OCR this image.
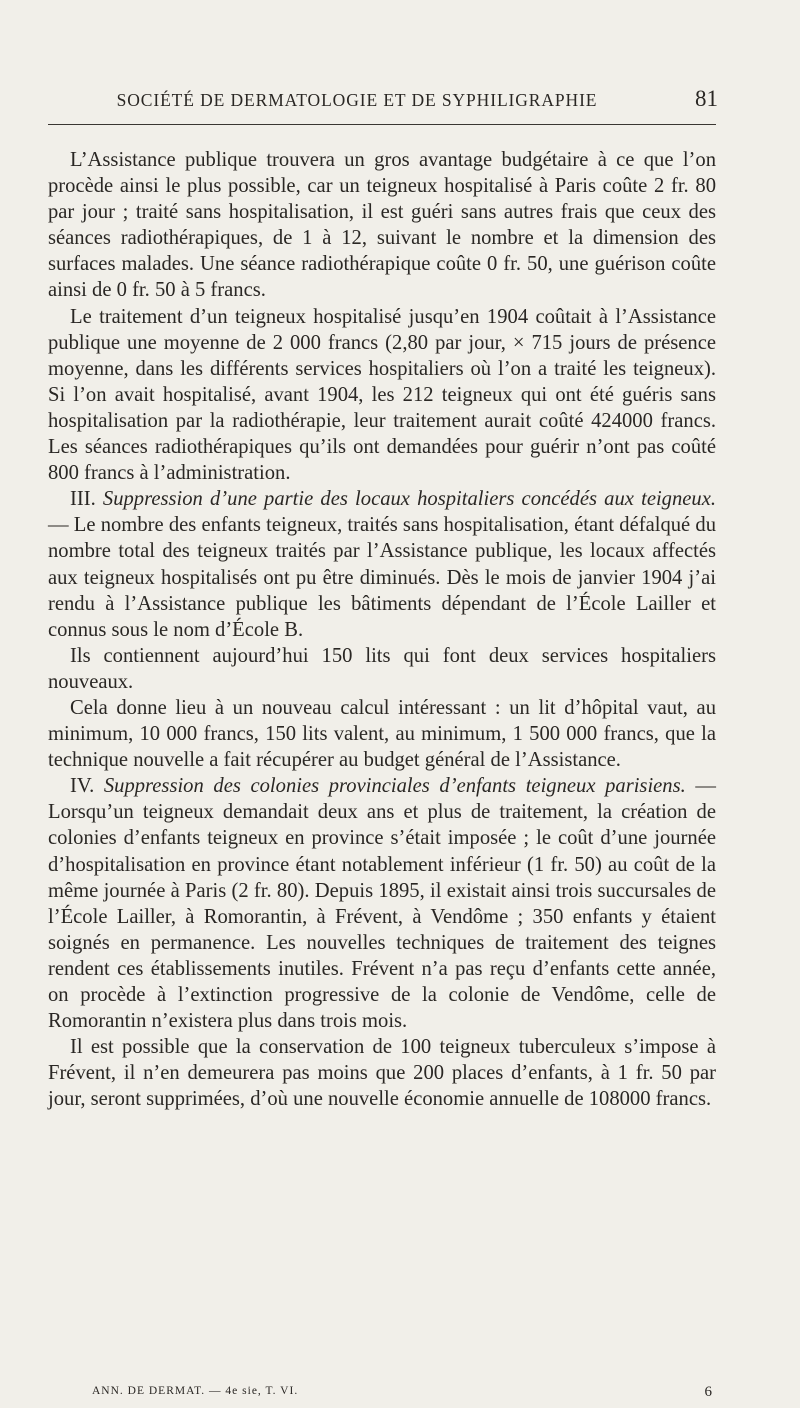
SOCIÉTÉ DE DERMATOLOGIE ET DE SYPHILIGRAPHIE	81

L’Assistance publique trouvera un gros avantage budgétaire à ce que l’on procède ainsi le plus possible, car un teigneux hospitalisé à Paris coûte 2 fr. 80 par jour ; traité sans hospitalisation, il est guéri sans autres frais que ceux des séances radiothérapiques, de 1 à 12, suivant le nombre et la dimension des surfaces malades. Une séance radiothérapique coûte 0 fr. 50, une guérison coûte ainsi de 0 fr. 50 à 5 francs.

Le traitement d’un teigneux hospitalisé jusqu’en 1904 coûtait à l’Assistance publique une moyenne de 2 000 francs (2,80 par jour, × 715 jours de présence moyenne, dans les différents services hospitaliers où l’on a traité les teigneux). Si l’on avait hospitalisé, avant 1904, les 212 teigneux qui ont été guéris sans hospitalisation par la radiothérapie, leur traitement aurait coûté 424000 francs. Les séances radiothérapiques qu’ils ont demandées pour guérir n’ont pas coûté 800 francs à l’administration.

III. Suppression d’une partie des locaux hospitaliers concédés aux teigneux. — Le nombre des enfants teigneux, traités sans hospitalisation, étant défalqué du nombre total des teigneux traités par l’Assistance publique, les locaux affectés aux teigneux hospitalisés ont pu être diminués. Dès le mois de janvier 1904 j’ai rendu à l’Assistance publique les bâtiments dépendant de l’École Lailler et connus sous le nom d’École B.

Ils contiennent aujourd’hui 150 lits qui font deux services hospitaliers nouveaux.

Cela donne lieu à un nouveau calcul intéressant : un lit d’hôpital vaut, au minimum, 10 000 francs, 150 lits valent, au minimum, 1 500 000 francs, que la technique nouvelle a fait récupérer au budget général de l’Assistance.

IV. Suppression des colonies provinciales d’enfants teigneux parisiens. — Lorsqu’un teigneux demandait deux ans et plus de traitement, la création de colonies d’enfants teigneux en province s’était imposée ; le coût d’une journée d’hospitalisation en province étant notablement inférieur (1 fr. 50) au coût de la même journée à Paris (2 fr. 80). Depuis 1895, il existait ainsi trois succursales de l’École Lailler, à Romorantin, à Frévent, à Vendôme ; 350 enfants y étaient soignés en permanence. Les nouvelles techniques de traitement des teignes rendent ces établissements inutiles. Frévent n’a pas reçu d’enfants cette année, on procède à l’extinction progressive de la colonie de Vendôme, celle de Romorantin n’existera plus dans trois mois.

Il est possible que la conservation de 100 teigneux tuberculeux s’impose à Frévent, il n’en demeurera pas moins que 200 places d’enfants, à 1 fr. 50 par jour, seront supprimées, d’où une nouvelle économie annuelle de 108000 francs.

ANN. DE DERMAT. — 4e sie, T. VI.	6
